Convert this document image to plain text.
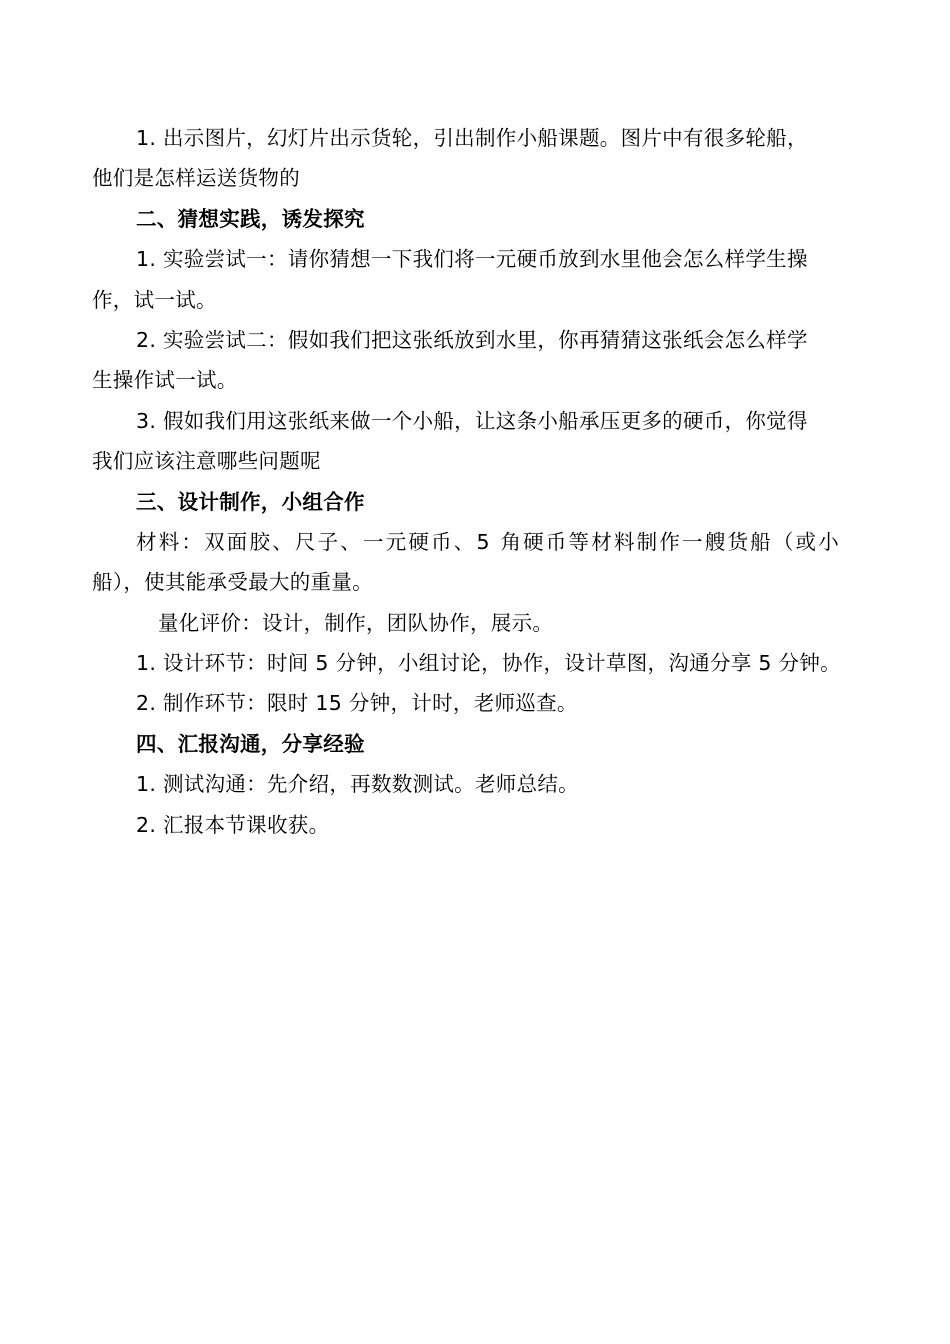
1. 出示图片，幻灯片出示货轮，引出制作小船课题。图片中有很多轮船，
他们是怎样运送货物的
二、猜想实践，诱发探究
1. 实验尝试一：请你猜想一下我们将一元硬币放到水里他会怎么样学生操
作，试一试。
2. 实验尝试二：假如我们把这张纸放到水里，你再猜猜这张纸会怎么样学
生操作试一试。
3. 假如我们用这张纸来做一个小船，让这条小船承压更多的硬币，你觉得
我们应该注意哪些问题呢
三、设计制作，小组合作
材料：双面胶、尺子、一元硬币、5 角硬币等材料制作一艘货船（或小
船），使其能承受最大的重量。
量化评价：设计，制作，团队协作，展示。
1. 设计环节：时间 5 分钟，小组讨论，协作，设计草图，沟通分享 5 分钟。
2. 制作环节：限时 15 分钟，计时，老师巡查。
四、汇报沟通，分享经验
1. 测试沟通：先介绍，再数数测试。老师总结。
2. 汇报本节课收获。
